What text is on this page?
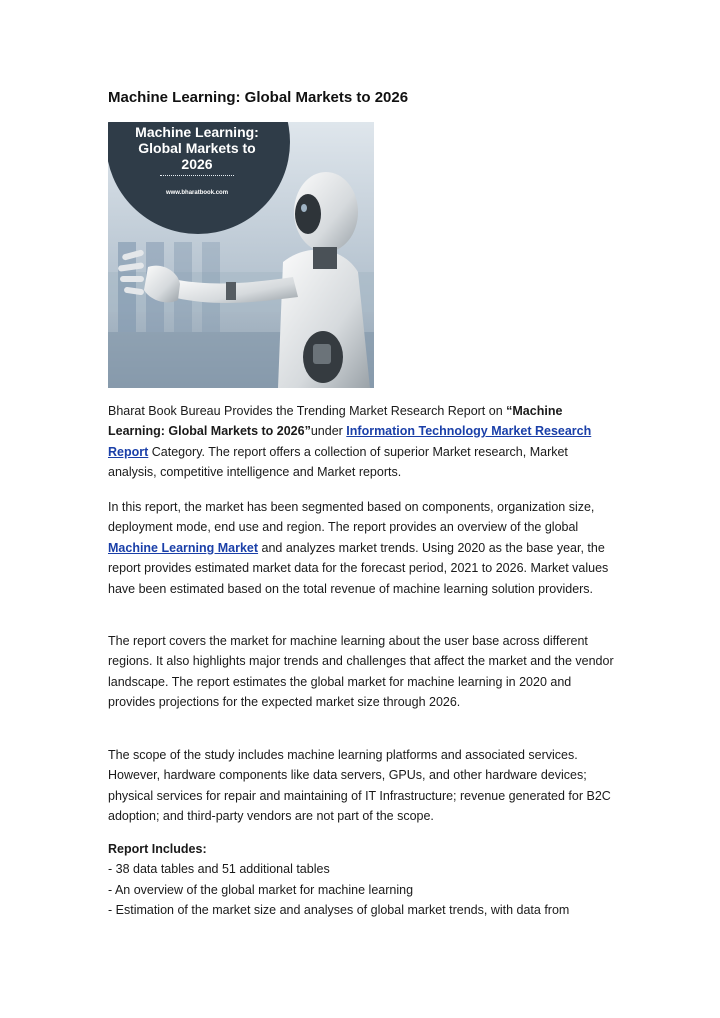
Machine Learning: Global Markets to 2026
Machine Learning:
Global Markets to
2026
www.bharatbook.com

Bharat Book Bureau Provides the Trending Market Research Report on “Machine Learning: Global Markets to 2026”under Information Technology Market Research Report Category. The report offers a collection of superior Market research, Market analysis, competitive intelligence and Market reports.

In this report, the market has been segmented based on components, organization size, deployment mode, end use and region. The report provides an overview of the global Machine Learning Market and analyzes market trends. Using 2020 as the base year, the report provides estimated market data for the forecast period, 2021 to 2026. Market values have been estimated based on the total revenue of machine learning solution providers.

The report covers the market for machine learning about the user base across different regions. It also highlights major trends and challenges that affect the market and the vendor landscape. The report estimates the global market for machine learning in 2020 and provides projections for the expected market size through 2026.

The scope of the study includes machine learning platforms and associated services. However, hardware components like data servers, GPUs, and other hardware devices; physical services for repair and maintaining of IT Infrastructure; revenue generated for B2C adoption; and third-party vendors are not part of the scope.

Report Includes:
- 38 data tables and 51 additional tables
- An overview of the global market for machine learning
- Estimation of the market size and analyses of global market trends, with data from
